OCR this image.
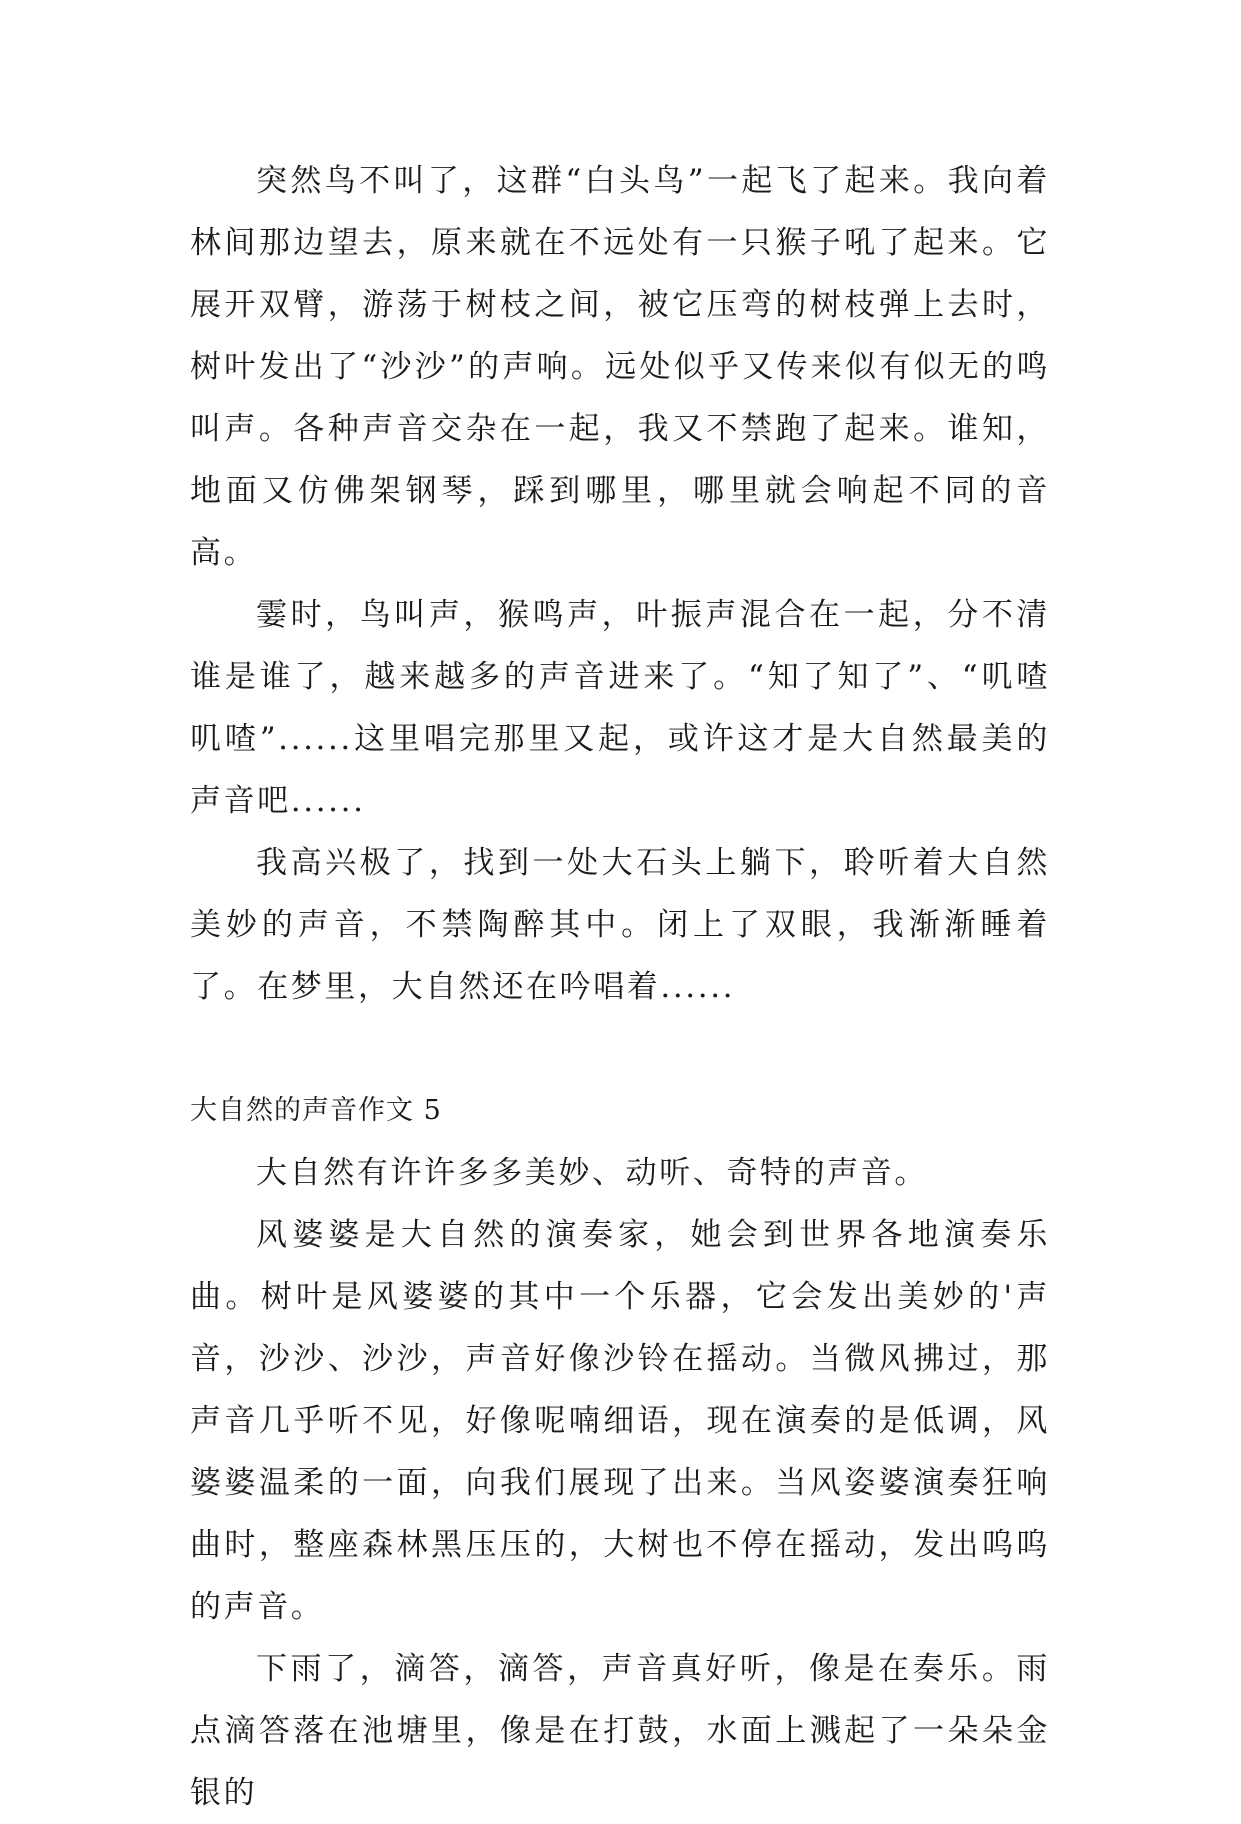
突然鸟不叫了，这群“白头鸟”一起飞了起来。我向着林间那边望去，原来就在不远处有一只猴子吼了起来。它展开双臂，游荡于树枝之间，被它压弯的树枝弹上去时，树叶发出了“沙沙”的声响。远处似乎又传来似有似无的鸣叫声。各种声音交杂在一起，我又不禁跑了起来。谁知，地面又仿佛架钢琴，踩到哪里，哪里就会响起不同的音高。

霎时，鸟叫声，猴鸣声，叶振声混合在一起，分不清谁是谁了，越来越多的声音进来了。“知了知了”、“叽喳叽喳”......这里唱完那里又起，或许这才是大自然最美的声音吧......

我高兴极了，找到一处大石头上躺下，聆听着大自然美妙的声音，不禁陶醉其中。闭上了双眼，我渐渐睡着了。在梦里，大自然还在吟唱着......

大自然的声音作文 5

大自然有许许多多美妙、动听、奇特的声音。

风婆婆是大自然的演奏家，她会到世界各地演奏乐曲。树叶是风婆婆的其中一个乐器，它会发出美妙的'声音，沙沙、沙沙，声音好像沙铃在摇动。当微风拂过，那声音几乎听不见，好像呢喃细语，现在演奏的是低调，风婆婆温柔的一面，向我们展现了出来。当风姿婆演奏狂响曲时，整座森林黑压压的，大树也不停在摇动，发出呜呜的声音。

下雨了，滴答，滴答，声音真好听，像是在奏乐。雨点滴答落在池塘里，像是在打鼓，水面上溅起了一朵朵金银的
